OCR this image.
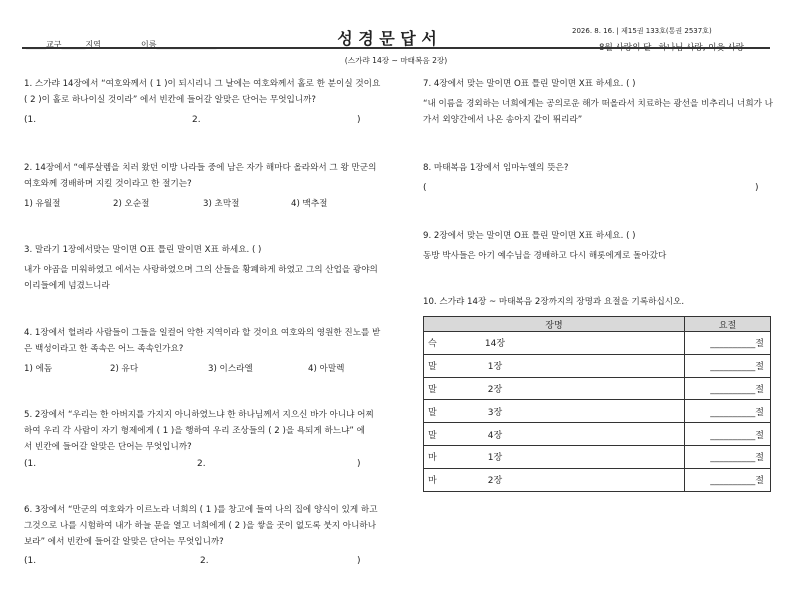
_____교구______지역	이름_______________	성 경 문 답 서	2026. 8. 16. | 제15권 133호(통권 2537호)
8월 사랑의 달– 하나님 사랑, 이웃 사랑
(스가랴 14장 ~ 마태복음 2장)
1. 스가랴 14장에서 “여호와께서 ( 1 )이 되시리니 그 날에는 여호와께서 홀로 한 분이실 것이요
( 2 )이 홀로 하나이실 것이라” 에서 빈칸에 들어갈 알맞은 단어는 무엇입니까?
(1.	2.	)
2. 14장에서 “예루살렘을 치러 왔던 이방 나라들 중에 남은 자가 해마다 올라와서 그 왕 만군의
여호와께 경배하며 지킬 것이라고 한 절기는?
1) 유월절	2) 오순절	3) 초막절	4) 맥추절
3. 말라기 1장에서맞는 말이면 O표 틀린 말이면 X표 하세요. ( )
내가 야곱을 미워하였고 에서는 사랑하였으며 그의 산들을 황폐하게 하였고 그의 산업을 광야의
이리들에게 넘겼느니라
4. 1장에서 헐려라 사람들이 그들을 일컬어 악한 지역이라 할 것이요 여호와의 영원한 진노를 받
은 백성이라고 한 족속은 어느 족속인가요?
1) 에돔	2) 유다	3) 이스라엘	4) 아말렉
5. 2장에서 “우리는 한 아버지를 가지지 아니하였느냐 한 하나님께서 지으신 바가 아니냐 어찌
하여 우리 각 사람이 자기 형제에게 ( 1 )을 행하여 우리 조상들의 ( 2 )을 욕되게 하느냐” 에
서 빈칸에 들어갈 알맞은 단어는 무엇입니까?
(1.	2.	)
6. 3장에서 “만군의 여호와가 이르노라 너희의 ( 1 )를 창고에 들여 나의 집에 양식이 있게 하고
그것으로 나를 시험하여 내가 하늘 문을 열고 너희에게 ( 2 )을 쌓을 곳이 없도록 붓지 아니하나
보라” 에서 빈칸에 들어갈 알맞은 단어는 무엇입니까?
(1.	2.	)
7. 4장에서 맞는 말이면 O표 틀린 말이면 X표 하세요. ( )
“내 이름을 경외하는 너희에게는 공의로운 해가 떠올라서 치료하는 광선을 비추리니 너희가 나
가서 외양간에서 나온 송아지 같이 뛰리라”
8. 마태복음 1장에서 임마누엘의 뜻은?
(	)
9. 2장에서 맞는 말이면 O표 틀린 말이면 X표 하세요. ( )
동방 박사들은 아기 예수님을 경배하고 다시 해롯에게로 돌아갔다
10. 스가랴 14장 ~ 마태복음 2장까지의 장명과 요절을 기록하십시오.
장명	요절
슥 14장	__________절
말 1장	__________절
말 2장	__________절
말 3장	__________절
말 4장	__________절
마 1장	__________절
마 2장	__________절
